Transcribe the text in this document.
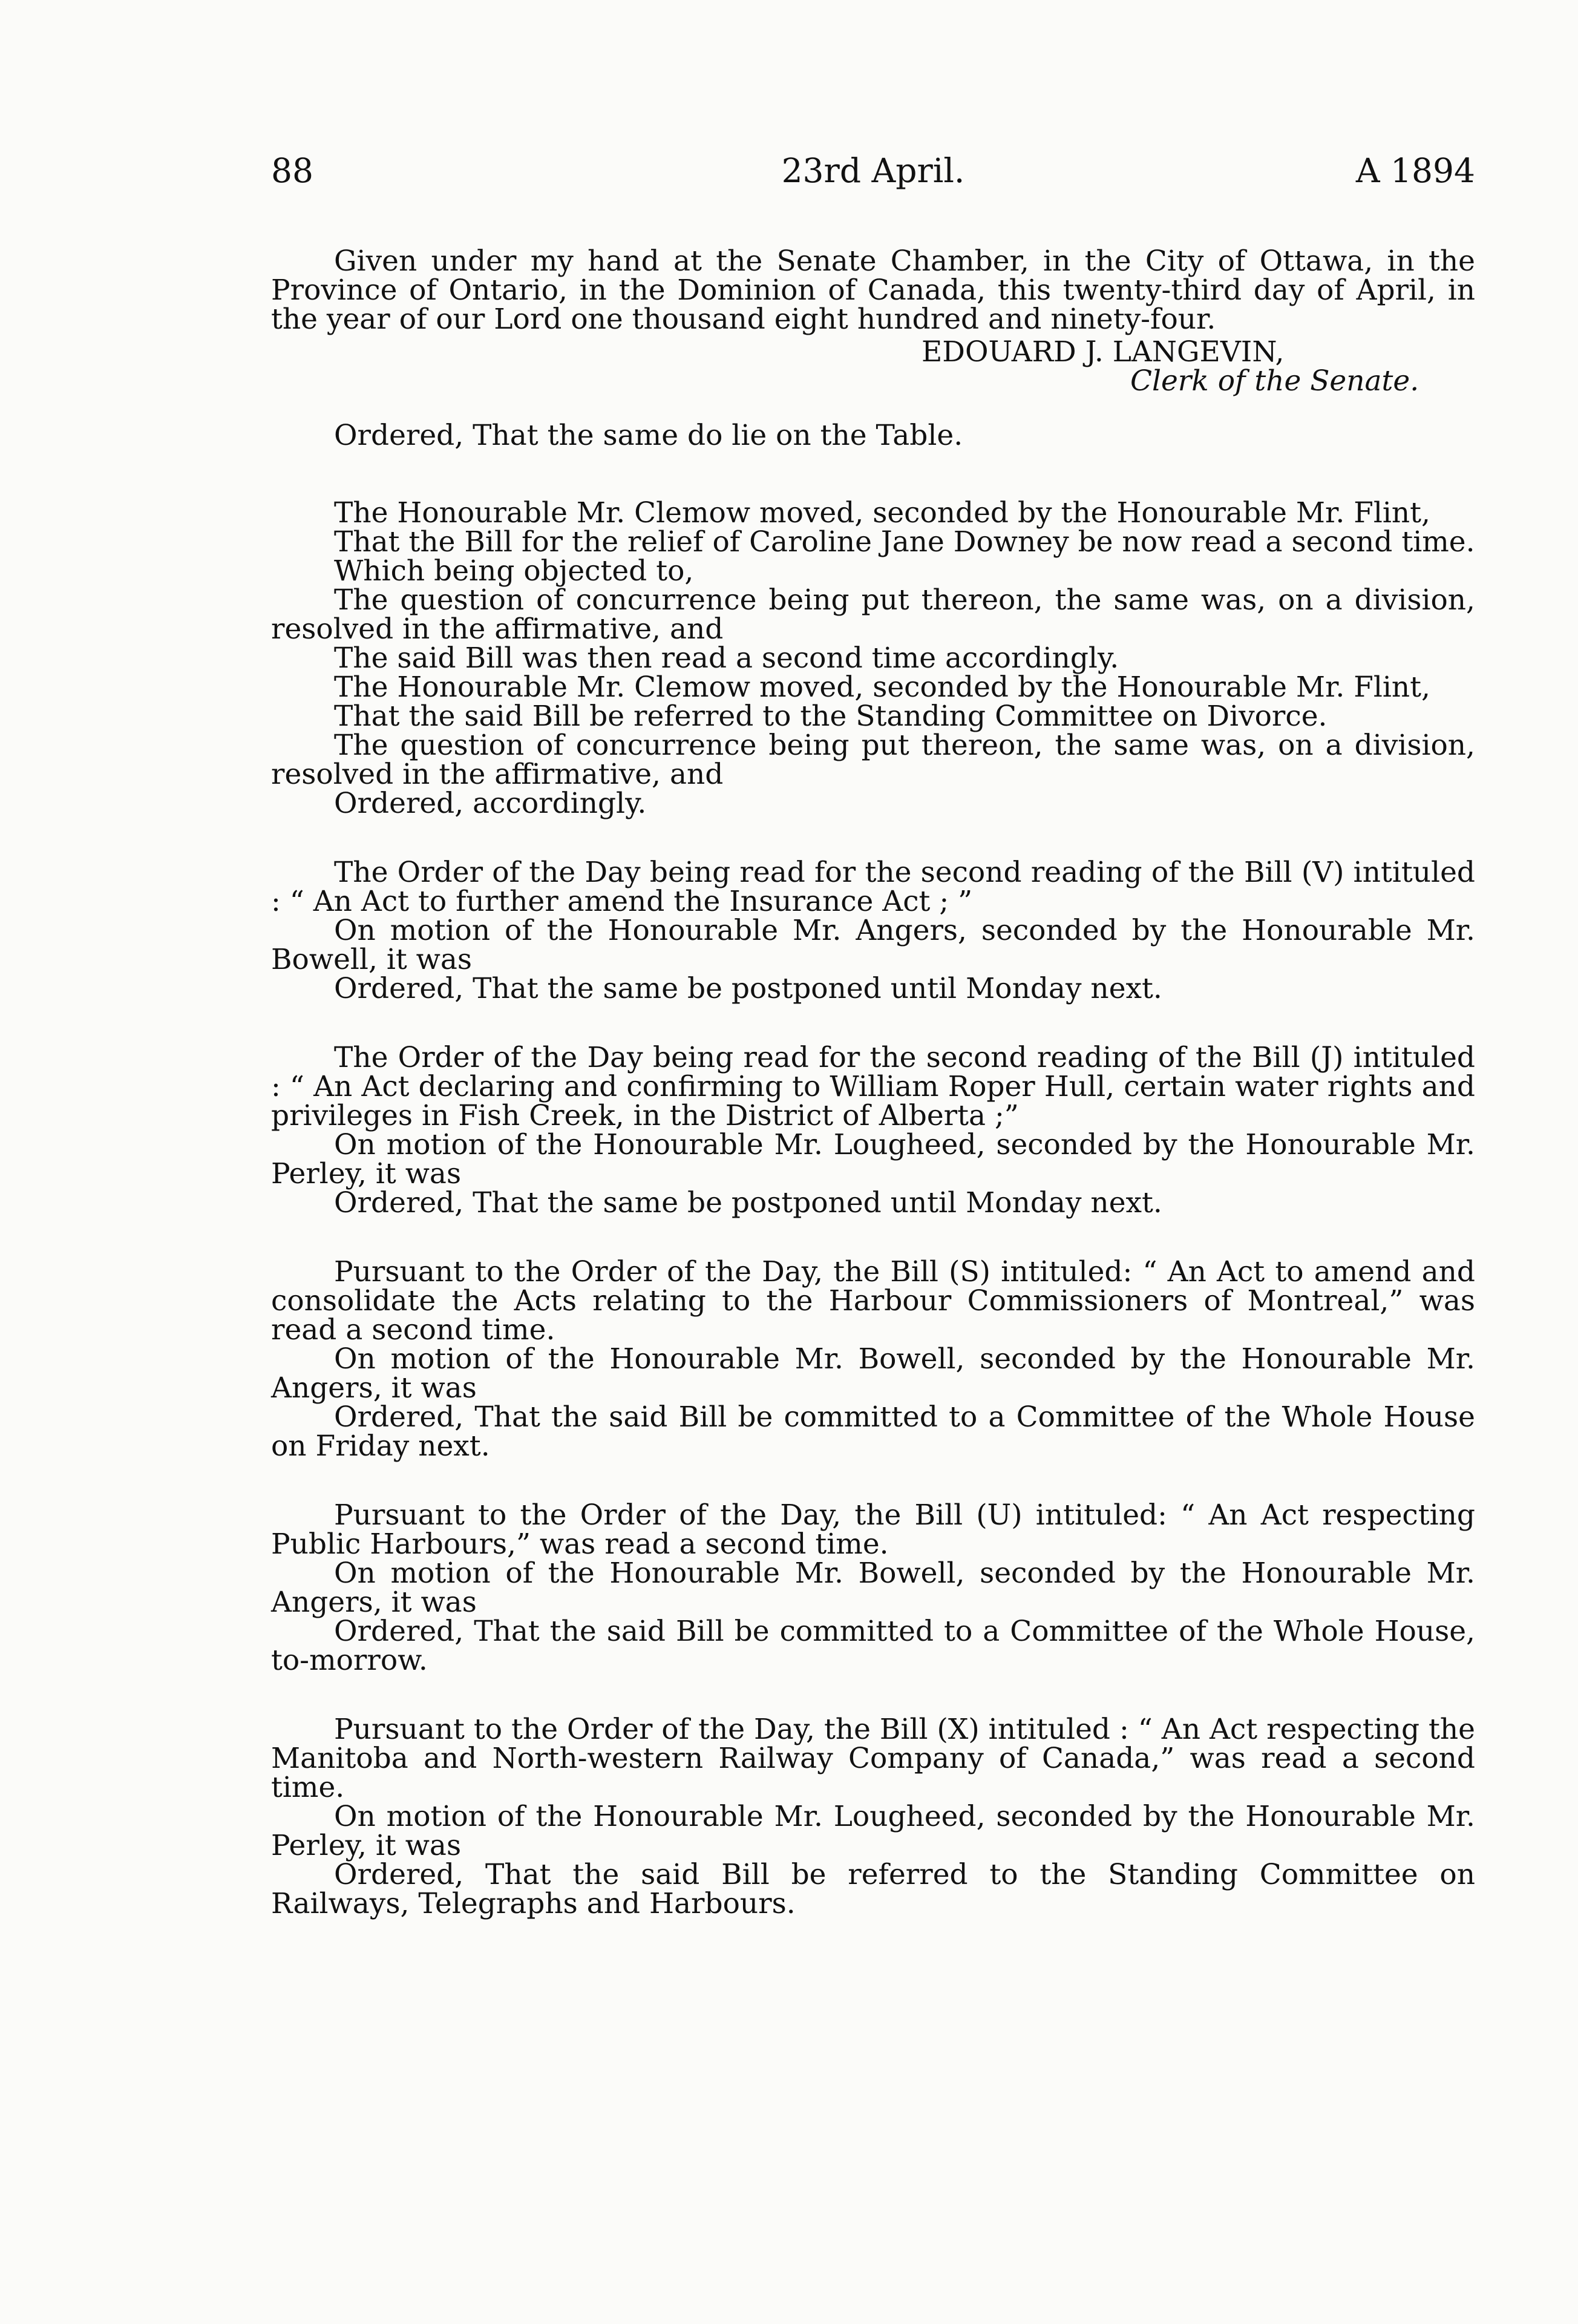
88	23rd April.	A 1894

Given under my hand at the Senate Chamber, in the City of Ottawa, in the Province of Ontario, in the Dominion of Canada, this twenty-third day of April, in the year of our Lord one thousand eight hundred and ninety-four.

EDOUARD J. LANGEVIN,
Clerk of the Senate.

Ordered, That the same do lie on the Table.

The Honourable Mr. Clemow moved, seconded by the Honourable Mr. Flint,

That the Bill for the relief of Caroline Jane Downey be now read a second time.

Which being objected to,

The question of concurrence being put thereon, the same was, on a division, resolved in the affirmative, and

The said Bill was then read a second time accordingly.

The Honourable Mr. Clemow moved, seconded by the Honourable Mr. Flint,

That the said Bill be referred to the Standing Committee on Divorce.

The question of concurrence being put thereon, the same was, on a division, resolved in the affirmative, and

Ordered, accordingly.

The Order of the Day being read for the second reading of the Bill (V) intituled : “ An Act to further amend the Insurance Act ; ”

On motion of the Honourable Mr. Angers, seconded by the Honourable Mr. Bowell, it was

Ordered, That the same be postponed until Monday next.

The Order of the Day being read for the second reading of the Bill (J) intituled : “ An Act declaring and confirming to William Roper Hull, certain water rights and privileges in Fish Creek, in the District of Alberta ;”

On motion of the Honourable Mr. Lougheed, seconded by the Honourable Mr. Perley, it was

Ordered, That the same be postponed until Monday next.

Pursuant to the Order of the Day, the Bill (S) intituled: “ An Act to amend and consolidate the Acts relating to the Harbour Commissioners of Montreal,” was read a second time.

On motion of the Honourable Mr. Bowell, seconded by the Honourable Mr. Angers, it was

Ordered, That the said Bill be committed to a Committee of the Whole House on Friday next.

Pursuant to the Order of the Day, the Bill (U) intituled: “ An Act respecting Public Harbours,” was read a second time.

On motion of the Honourable Mr. Bowell, seconded by the Honourable Mr. Angers, it was

Ordered, That the said Bill be committed to a Committee of the Whole House, to-morrow.

Pursuant to the Order of the Day, the Bill (X) intituled : “ An Act respecting the Manitoba and North-western Railway Company of Canada,” was read a second time.

On motion of the Honourable Mr. Lougheed, seconded by the Honourable Mr. Perley, it was

Ordered, That the said Bill be referred to the Standing Committee on Railways, Telegraphs and Harbours.
